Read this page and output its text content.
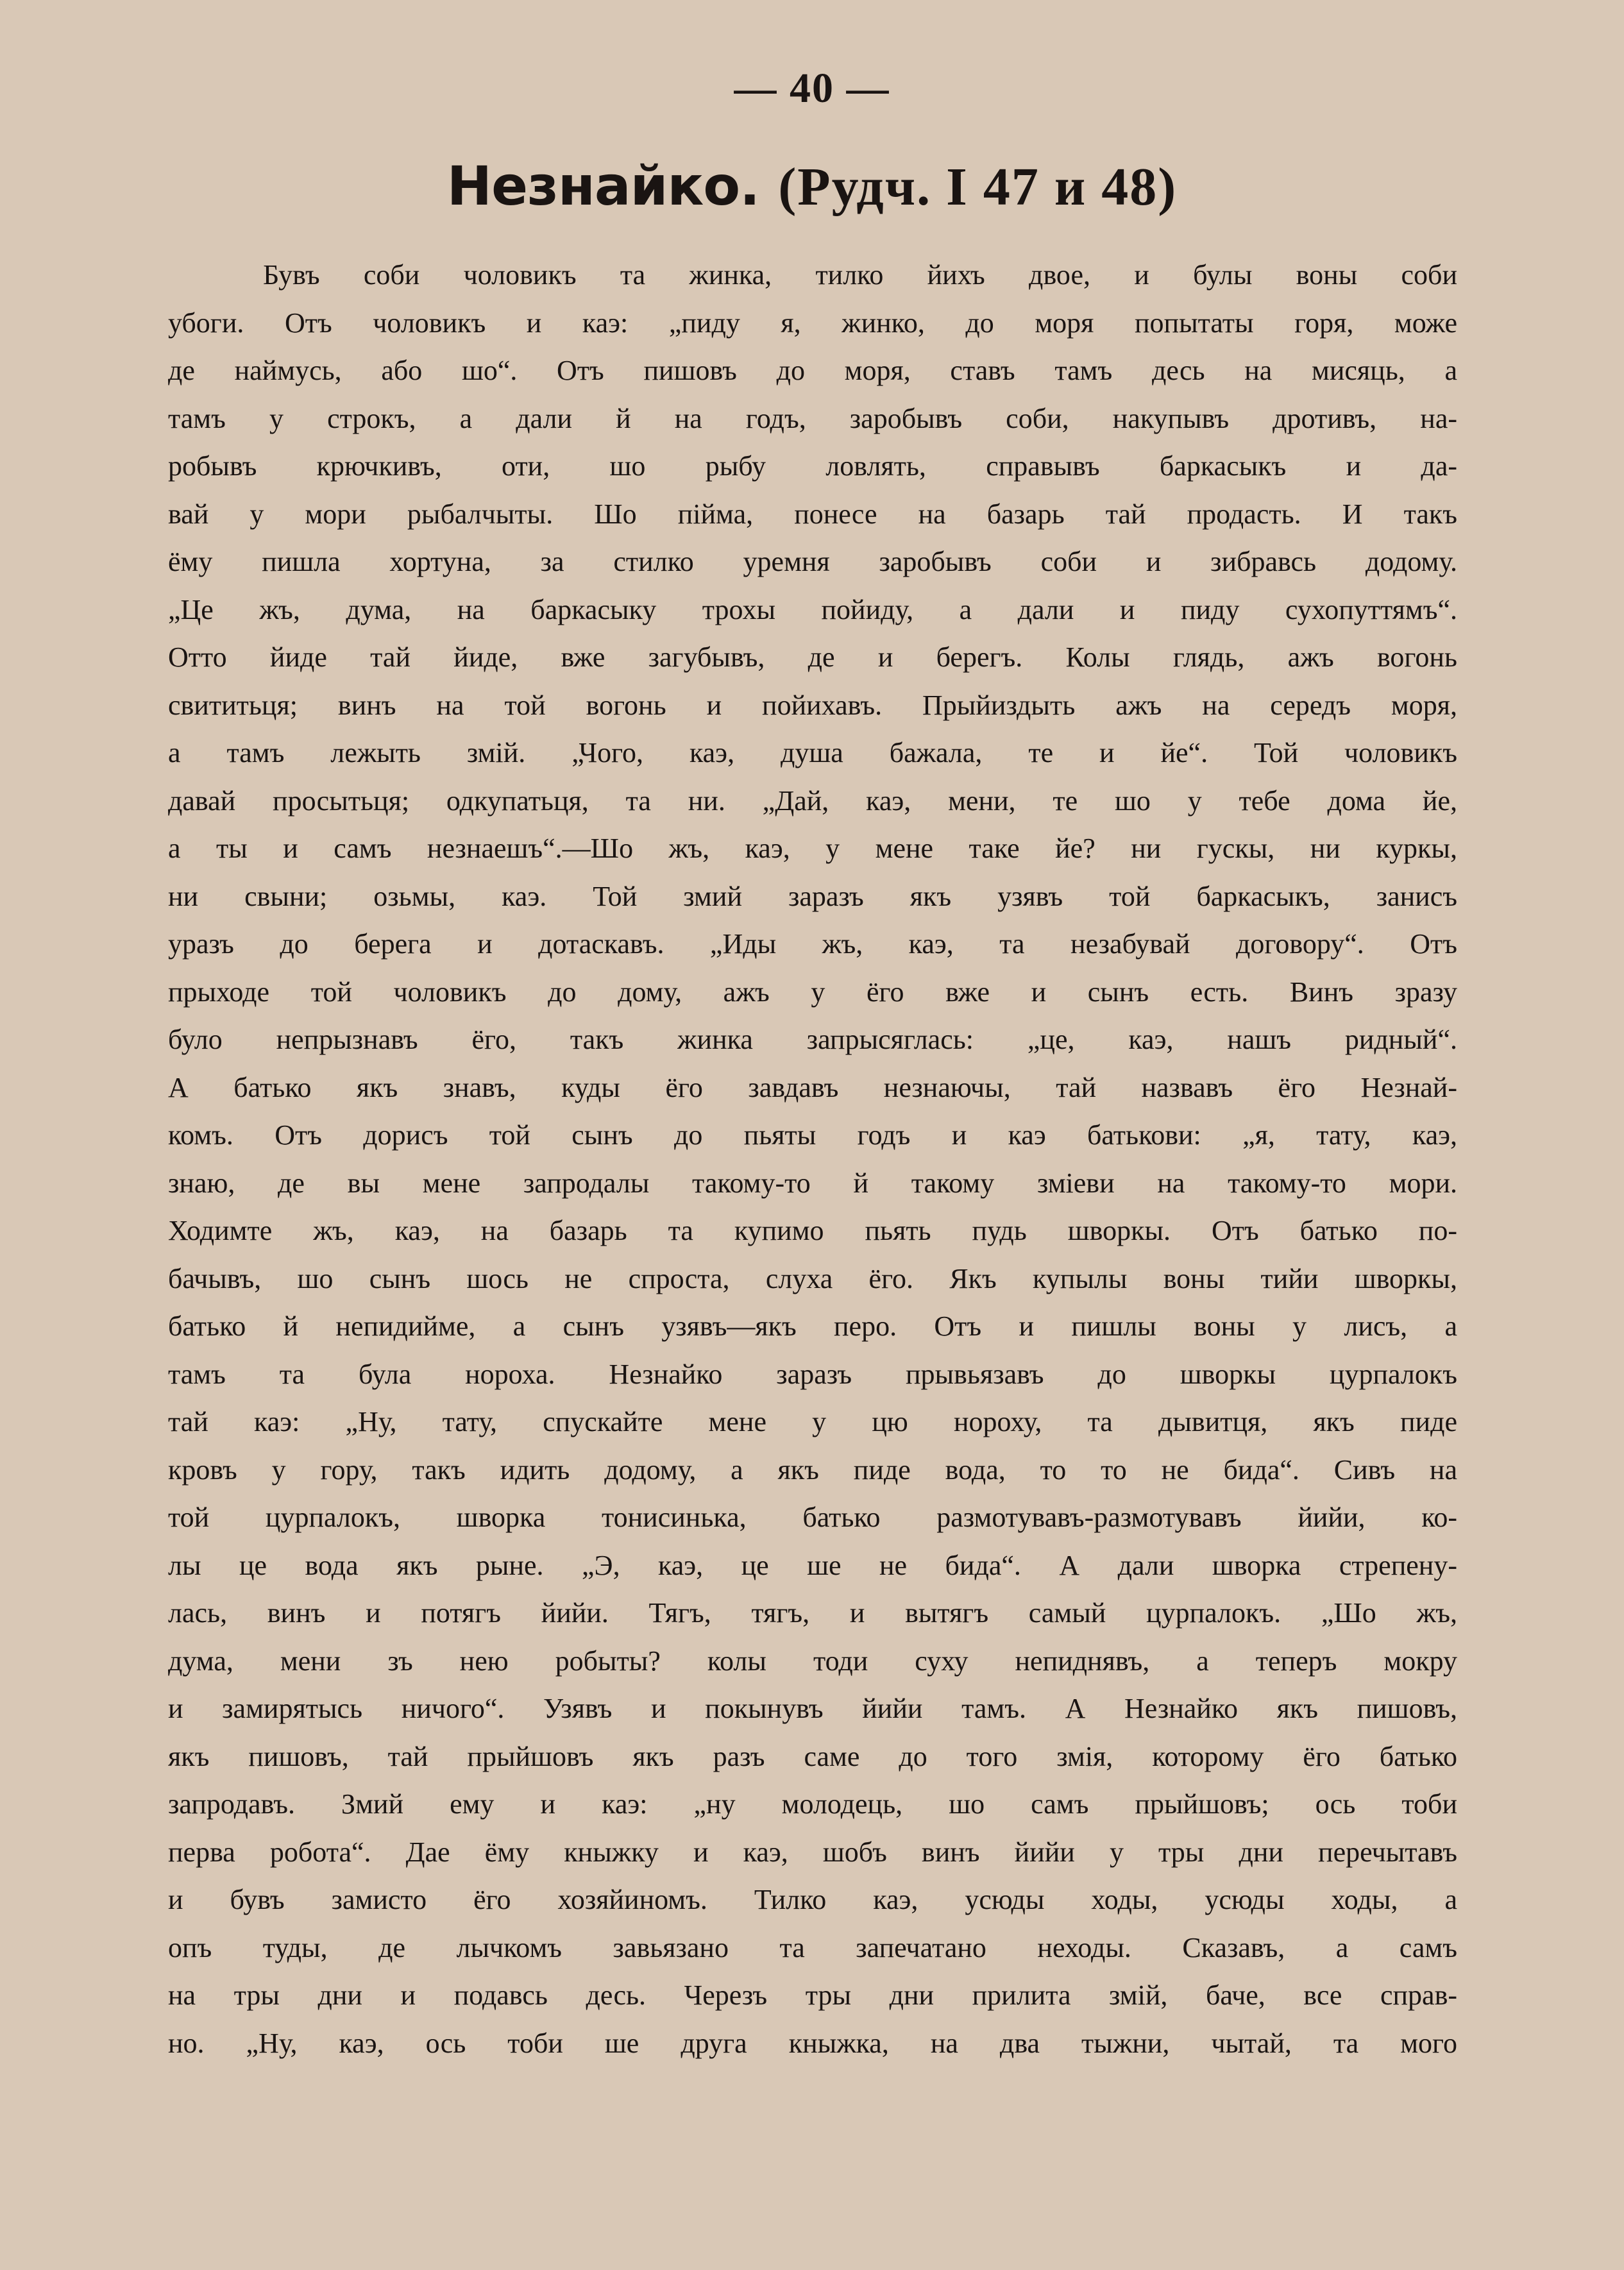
— 40 —
Незнайко. (Рудч. I 47 и 48)
Бувъ соби чоловикъ та жинка, тилко йихъ двое, и булы воны соби
убоги. Отъ чоловикъ и каэ: „пиду я, жинко, до моря попытаты горя, може
де наймусь, або шо“. Отъ пишовъ до моря, ставъ тамъ десь на мисяць, а
тамъ у строкъ, а дали й на годъ, заробывъ соби, накупывъ дротивъ, на-
робывъ крючкивъ, оти, шо рыбу ловлять, справывъ баркасыкъ и да-
вай у мори рыбалчыты. Шо пiйма, понесе на базарь тай продасть. И такъ
ёму пишла хортуна, за стилко уремня заробывъ соби и зибравсь додому.
„Це жъ, дума, на баркасыку трохы пойиду, а дали и пиду сухопуттямъ“.
Отто йиде тай йиде, вже загубывъ, де и берегъ. Колы глядь, ажъ вогонь
свититьця; винъ на той вогонь и пойихавъ. Прыйиздыть ажъ на середъ моря,
а тамъ лежыть змiй. „Чого, каэ, душа бажала, те и йе“. Той чоловикъ
давай просытьця; одкупатьця, та ни. „Дай, каэ, мени, те шо у тебе дома йе,
а ты и самъ незнаешъ“.—Шо жъ, каэ, у мене таке йе? ни гускы, ни куркы,
ни свыни; озьмы, каэ. Той змий заразъ якъ узявъ той баркасыкъ, занисъ
уразъ до берега и дотаскавъ. „Иды жъ, каэ, та незабувай договору“. Отъ
прыходе той чоловикъ до дому, ажъ у ёго вже и сынъ есть. Винъ зразу
було непрызнавъ ёго, такъ жинка запрысяглась: „це, каэ, нашъ ридный“.
А батько якъ знавъ, куды ёго завдавъ незнаючы, тай назвавъ ёго Незнай-
комъ. Отъ дорисъ той сынъ до пьяты годъ и каэ батькови: „я, тату, каэ,
знаю, де вы мене запродалы такому-то й такому змiеви на такому-то мори.
Ходимте жъ, каэ, на базарь та купимо пьять пудь шворкы. Отъ батько по-
бачывъ, шо сынъ шось не спроста, слуха ёго. Якъ купылы воны тийи шворкы,
батько й непидийме, а сынъ узявъ—якъ перо. Отъ и пишлы воны у лисъ, а
тамъ та була нороха. Незнайко заразъ прывьязавъ до шворкы цурпалокъ
тай каэ: „Ну, тату, спускайте мене у цю нороху, та дывитця, якъ пиде
кровъ у гору, такъ идить додому, а якъ пиде вода, то то не бида“. Сивъ на
той цурпалокъ, шворка тонисинька, батько размотувавъ-размотувавъ йийи, ко-
лы це вода якъ рыне. „Э, каэ, це ше не бида“. А дали шворка стрепену-
лась, винъ и потягъ йийи. Тягъ, тягъ, и вытягъ самый цурпалокъ. „Шо жъ,
дума, мени зъ нею робыты? колы тоди суху непиднявъ, а теперъ мокру
и замирятысь ничого“. Узявъ и покынувъ йийи тамъ. А Незнайко якъ пишовъ,
якъ пишовъ, тай прыйшовъ якъ разъ саме до того змiя, которому ёго батько
запродавъ. Змий ему и каэ: „ну молодець, шо самъ прыйшовъ; ось тоби
перва робота“. Дае ёму кныжку и каэ, шобъ винъ йийи у тры дни перечытавъ
и бувъ замисто ёго хозяйиномъ. Тилко каэ, усюды ходы, усюды ходы, а
опъ туды, де лычкомъ завьязано та запечатано неходы. Сказавъ, а самъ
на тры дни и подавсь десь. Черезъ тры дни прилита змiй, баче, все справ-
но. „Ну, каэ, ось тоби ше друга кныжка, на два тыжни, чытай, та мого
